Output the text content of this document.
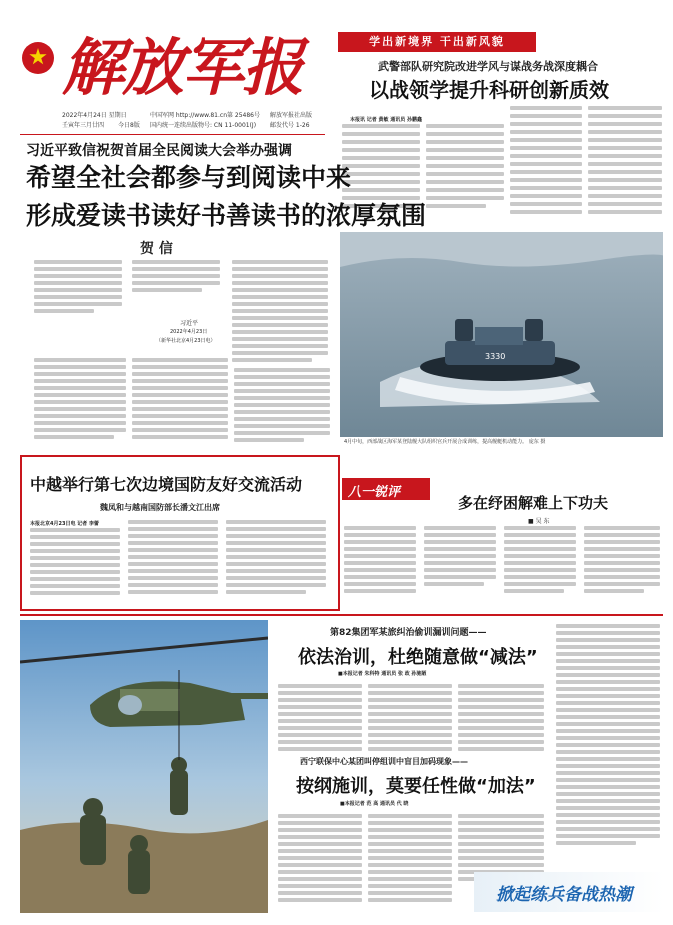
解放军报
2022年4月24日 星期日
壬寅年三月廿四 今日8版
中国军网 http://www.81.cn 第 25486号 解放军报社出版
国内统一连续出版物号: CN 11-0001(J) 邮发代号 1-26
学出新境界 干出新风貌
武警部队研究院改进学风与谋战务战深度耦合
以战领学提升科研创新质效
本报讯 记者 黄敏 通讯员 孙鹏鑫
3330
4月中旬，西部战区海军某登陆舰大队组织官兵开展合成训练，提高舰艇机动能力。 庞东 摄
习近平致信祝贺首届全民阅读大会举办强调
希望全社会都参与到阅读中来
形成爱读书读好书善读书的浓厚氛围
贺 信
习近平
2022年4月23日
（新华社北京4月23日电）
中越举行第七次边境国防友好交流活动
魏凤和与越南国防部长潘文江出席
本报北京4月23日电 记者 李蕾
八一锐评
多在纾困解难上下功夫
■ 吴 东
第82集团军某旅纠治偷训漏训问题——
依法治训，杜绝随意做“减法”
■本报记者 朱科特 通讯员 张 政 孙驰陋
西宁联保中心某团叫停组训中盲目加码现象——
按纲施训，莫要任性做“加法”
■本报记者 范 高 通讯员 代 晓
掀起练兵备战热潮
